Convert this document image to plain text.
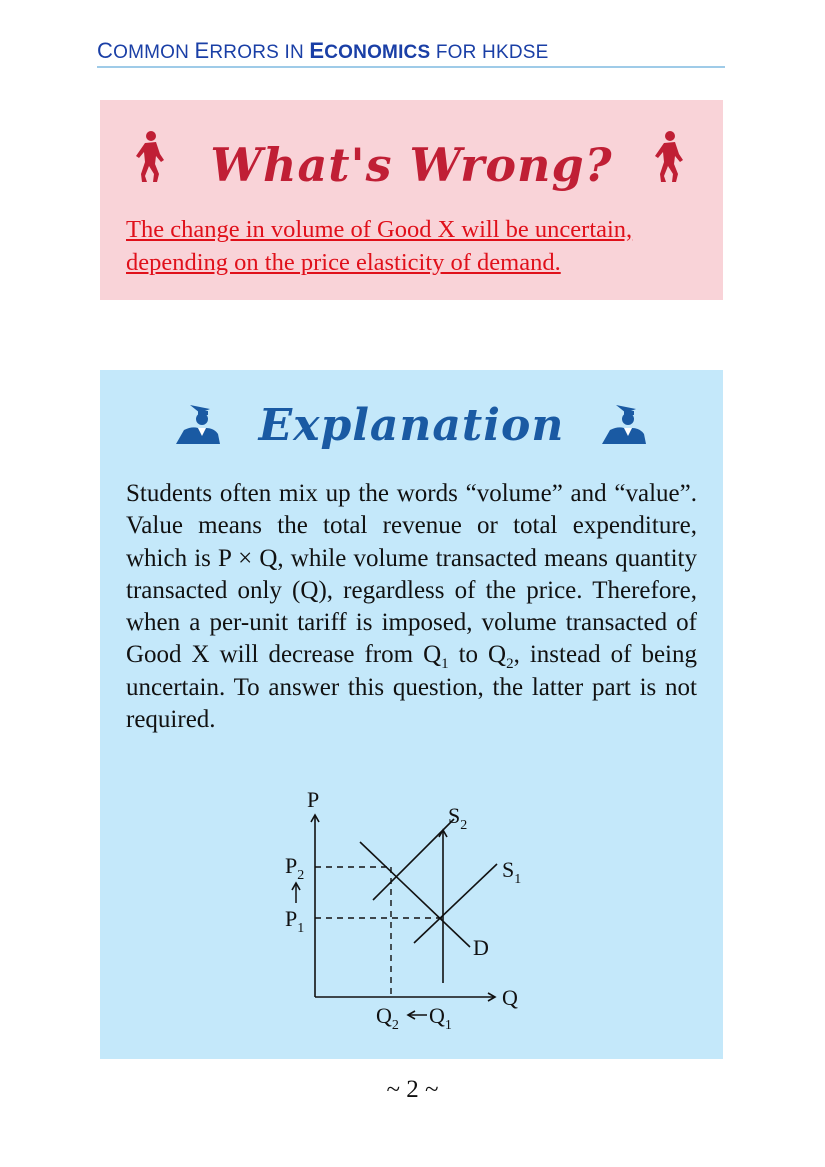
COMMON ERRORS IN ECONOMICS FOR HKDSE
What's Wrong?
The change in volume of Good X will be uncertain, depending on the price elasticity of demand.
Explanation
Students often mix up the words “volume” and “value”. Value means the total revenue or total expenditure, which is P × Q, while volume transacted means quantity transacted only (Q), regardless of the price. Therefore, when a per-unit tariff is imposed, volume transacted of Good X will decrease from $Q_1$ to $Q_2$, instead of being uncertain. To answer this question, the latter part is not required.
P
Q
$P_2$
$P_1$
$S_2$
$S_1$
D
$Q_2$ $Q_1$
~ 2 ~
